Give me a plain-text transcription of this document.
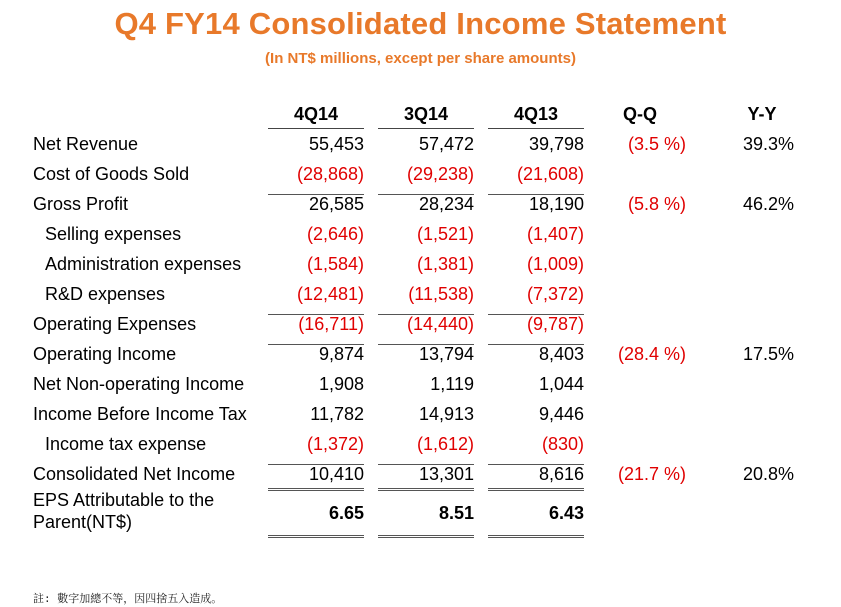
Q4 FY14 Consolidated Income Statement
(In NT$ millions, except per share amounts)
4Q14	3Q14	4Q13	Q-Q	Y-Y
Net Revenue	55,453	57,472	39,798	(3.5 %)	39.3%
Cost of Goods Sold	(28,868)	(29,238)	(21,608)
Gross Profit	26,585	28,234	18,190	(5.8 %)	46.2%
Selling expenses	(2,646)	(1,521)	(1,407)
Administration expenses	(1,584)	(1,381)	(1,009)
R&D expenses	(12,481)	(11,538)	(7,372)
Operating Expenses	(16,711)	(14,440)	(9,787)
Operating Income	9,874	13,794	8,403	(28.4 %)	17.5%
Net Non-operating Income	1,908	1,119	1,044
Income Before Income Tax	11,782	14,913	9,446
Income tax expense	(1,372)	(1,612)	(830)
Consolidated Net Income	10,410	13,301	8,616	(21.7 %)	20.8%
EPS Attributable to the
Parent(NT$)	6.65	8.51	6.43
註: 數字加總不等，因四捨五入造成。
